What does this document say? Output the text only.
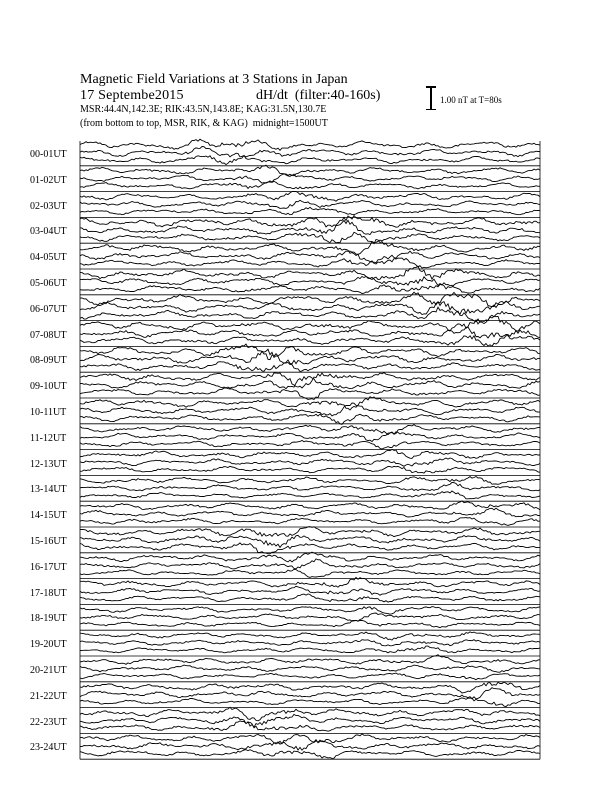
Magnetic Field Variations at 3 Stations in Japan
17 Septembe2015	dH/dt (filter:40-160s)
MSR:44.4N,142.3E; RIK:43.5N,143.8E; KAG:31.5N,130.7E
(from bottom to top, MSR, RIK, & KAG) midnight=1500UT
1.00 nT at T=80s
00-01UT
01-02UT
02-03UT
03-04UT
04-05UT
05-06UT
06-07UT
07-08UT
08-09UT
09-10UT
10-11UT
11-12UT
12-13UT
13-14UT
14-15UT
15-16UT
16-17UT
17-18UT
18-19UT
19-20UT
20-21UT
21-22UT
22-23UT
23-24UT
